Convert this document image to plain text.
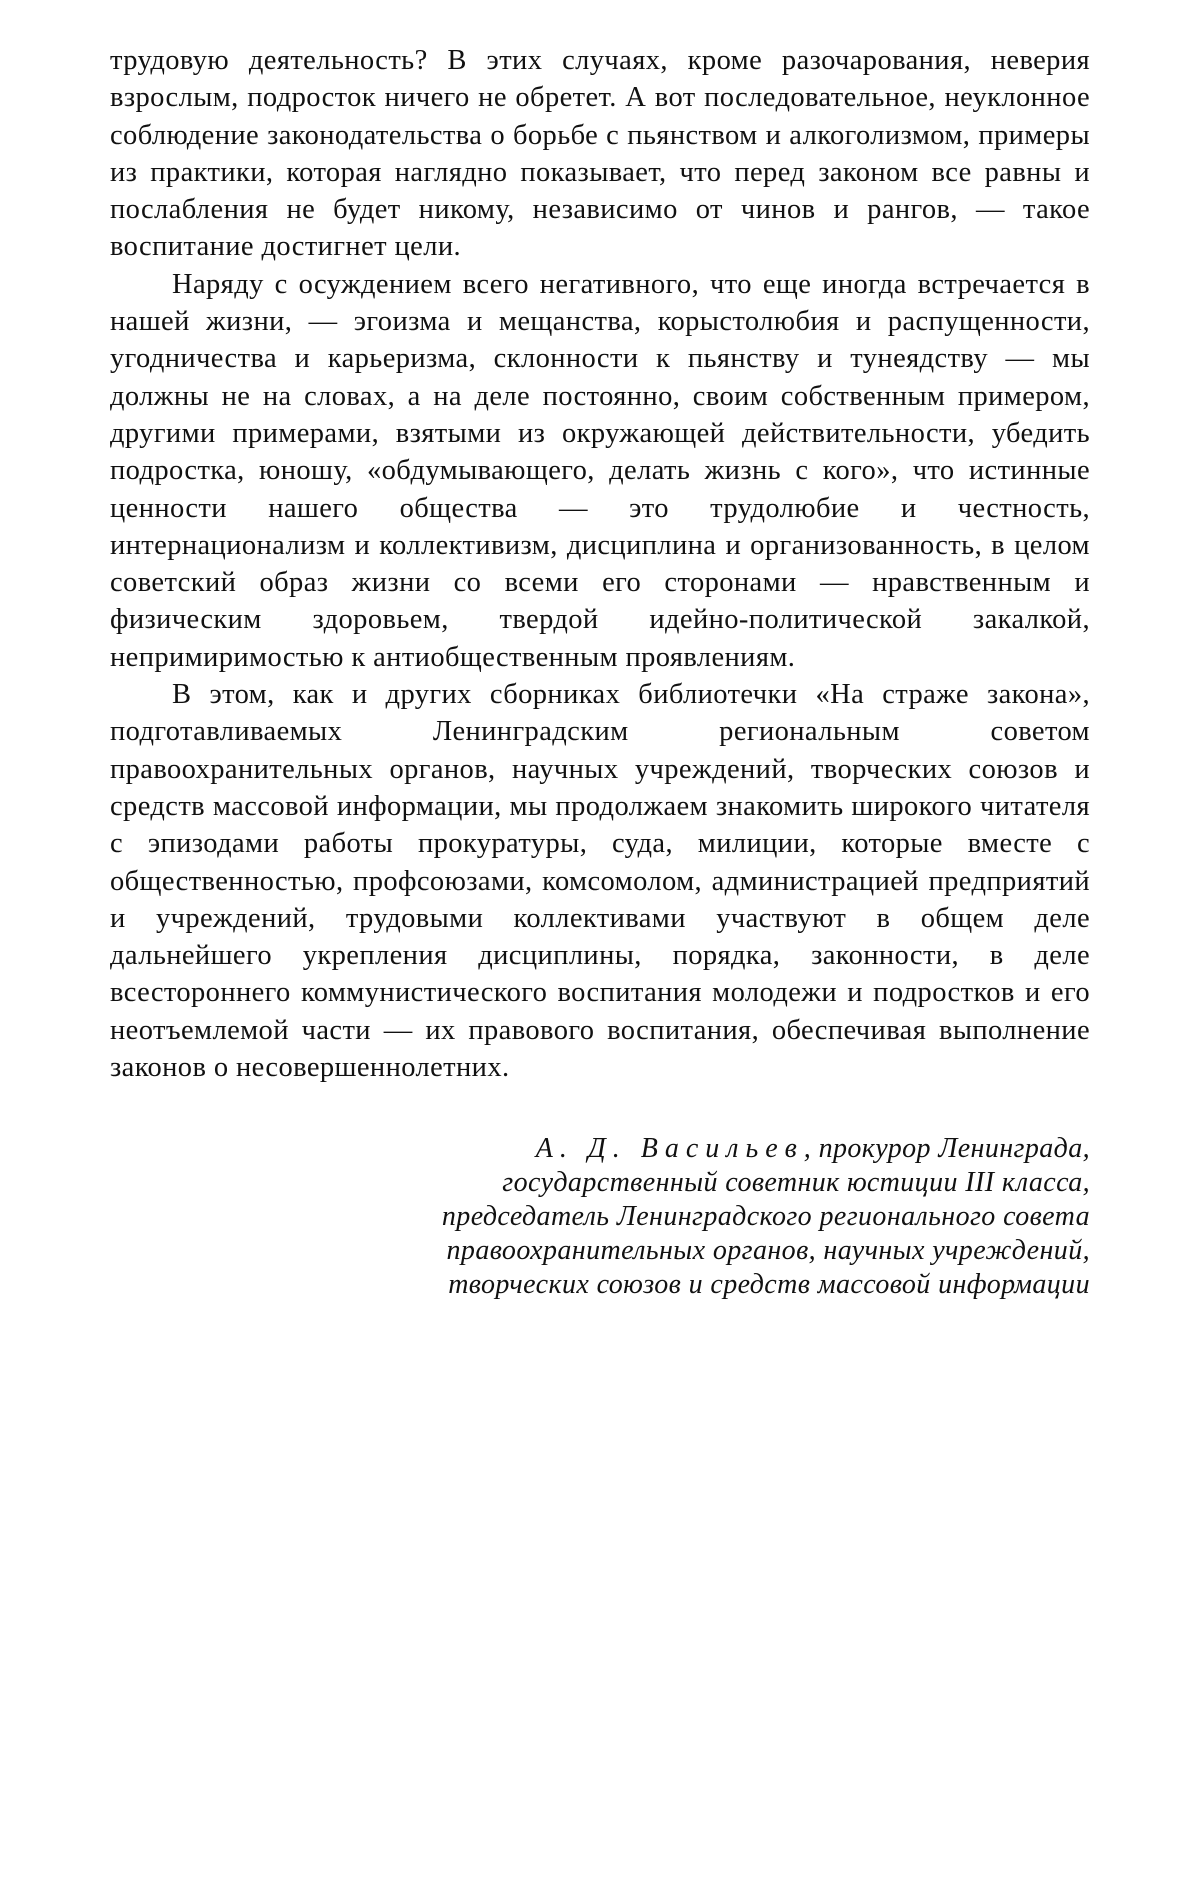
трудовую деятельность? В этих случаях, кроме разочарования, неверия взрослым, подросток ничего не обретет. А вот последовательное, неуклонное соблюдение законодательства о борьбе с пьянством и алкоголизмом, примеры из практики, которая наглядно показывает, что перед законом все равны и послабления не будет никому, независимо от чинов и рангов, — такое воспитание достигнет цели.

Наряду с осуждением всего негативного, что еще иногда встречается в нашей жизни, — эгоизма и мещанства, корыстолюбия и распущенности, угодничества и карьеризма, склонности к пьянству и тунеядству — мы должны не на словах, а на деле постоянно, своим собственным примером, другими примерами, взятыми из окружающей действительности, убедить подростка, юношу, «обдумывающего, делать жизнь с кого», что истинные ценности нашего общества — это трудолюбие и честность, интернационализм и коллективизм, дисциплина и организованность, в целом советский образ жизни со всеми его сторонами — нравственным и физическим здоровьем, твердой идейно-политической закалкой, непримиримостью к антиобщественным проявлениям.

В этом, как и других сборниках библиотечки «На страже закона», подготавливаемых Ленинградским региональным советом правоохранительных органов, научных учреждений, творческих союзов и средств массовой информации, мы продолжаем знакомить широкого читателя с эпизодами работы прокуратуры, суда, милиции, которые вместе с общественностью, профсоюзами, комсомолом, администрацией предприятий и учреждений, трудовыми коллективами участвуют в общем деле дальнейшего укрепления дисциплины, порядка, законности, в деле всестороннего коммунистического воспитания молодежи и подростков и его неотъемлемой части — их правового воспитания, обеспечивая выполнение законов о несовершеннолетних.

А. Д. Васильев, прокурор Ленинграда,
государственный советник юстиции III класса,
председатель Ленинградского регионального совета
правоохранительных органов, научных учреждений,
творческих союзов и средств массовой информации
